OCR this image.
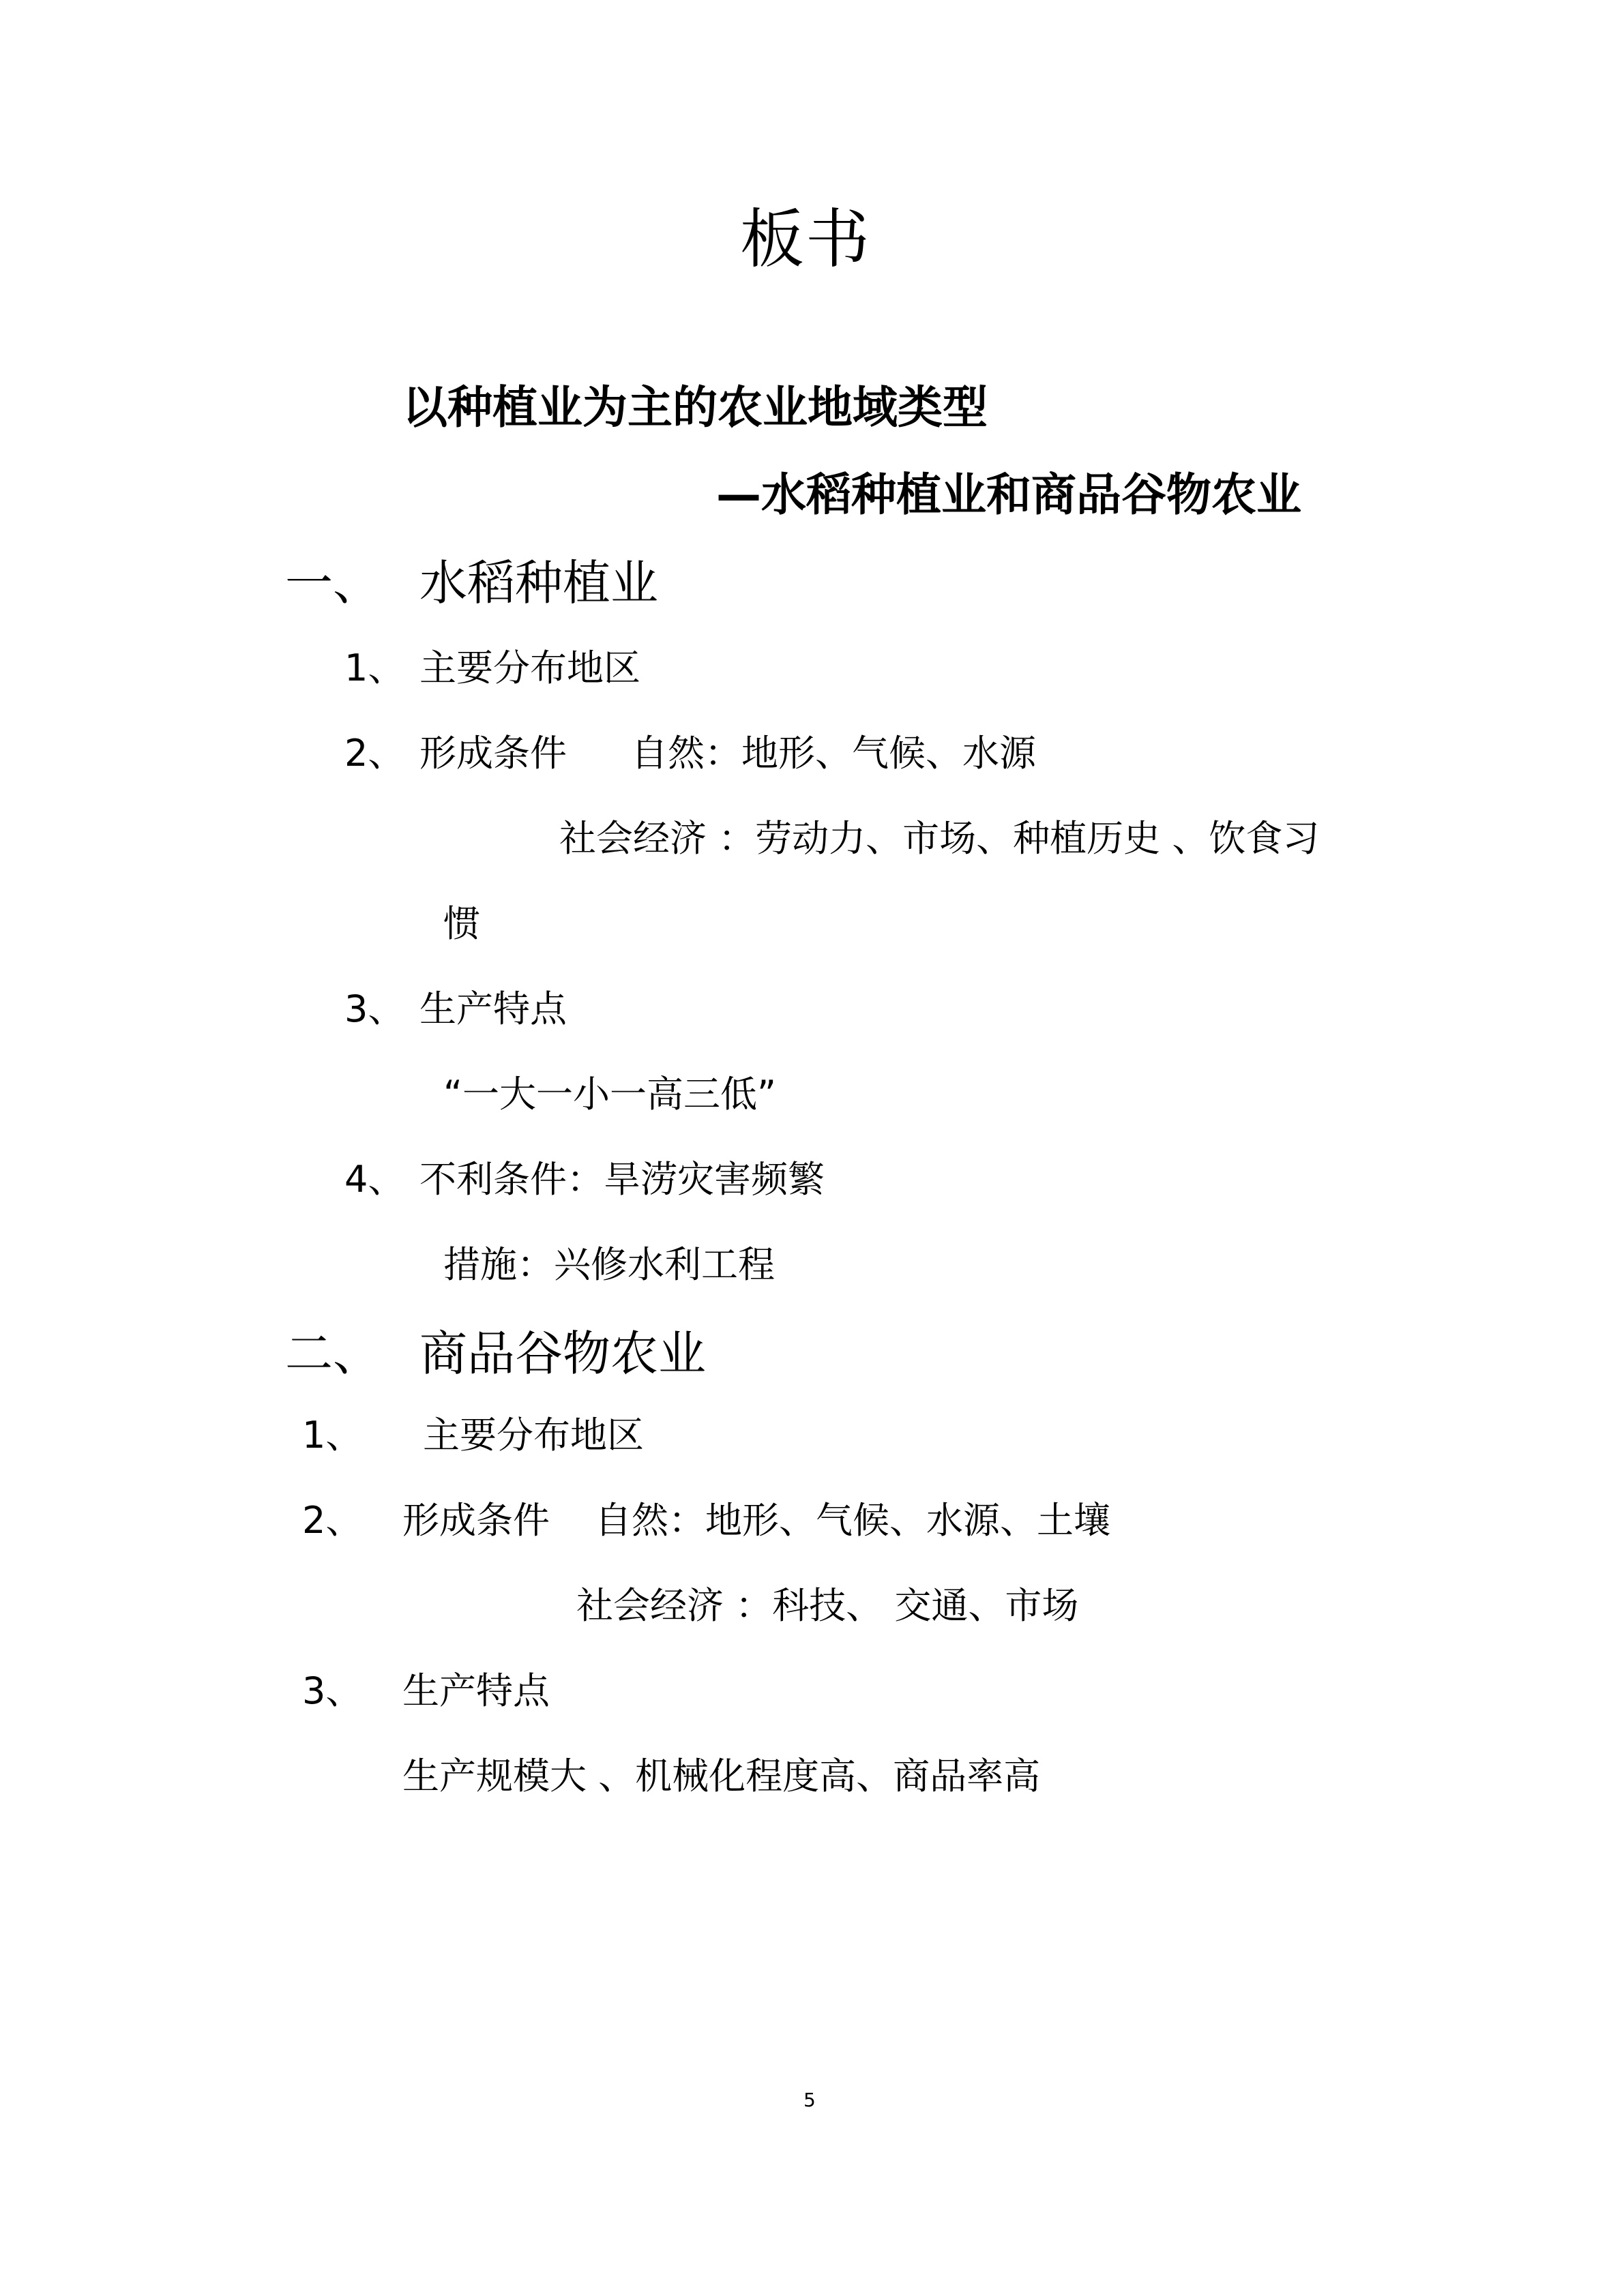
板书
以种植业为主的农业地域类型
—水稻种植业和商品谷物农业
一、 水稻种植业
1、 主要分布地区
2、 形成条件 自然：地形、气候、水源
社会经济 ：劳动力、市场、种植历史 、饮食习
惯
3、 生产特点
“一大一小一高三低”
4、 不利条件：旱涝灾害频繁
措施：兴修水利工程
二、 商品谷物农业
1、 主要分布地区
2、 形成条件 自然：地形、气候、水源、土壤
社会经济 ：科技、 交通、市场
3、 生产特点
生产规模大 、机械化程度高、商品率高
5
